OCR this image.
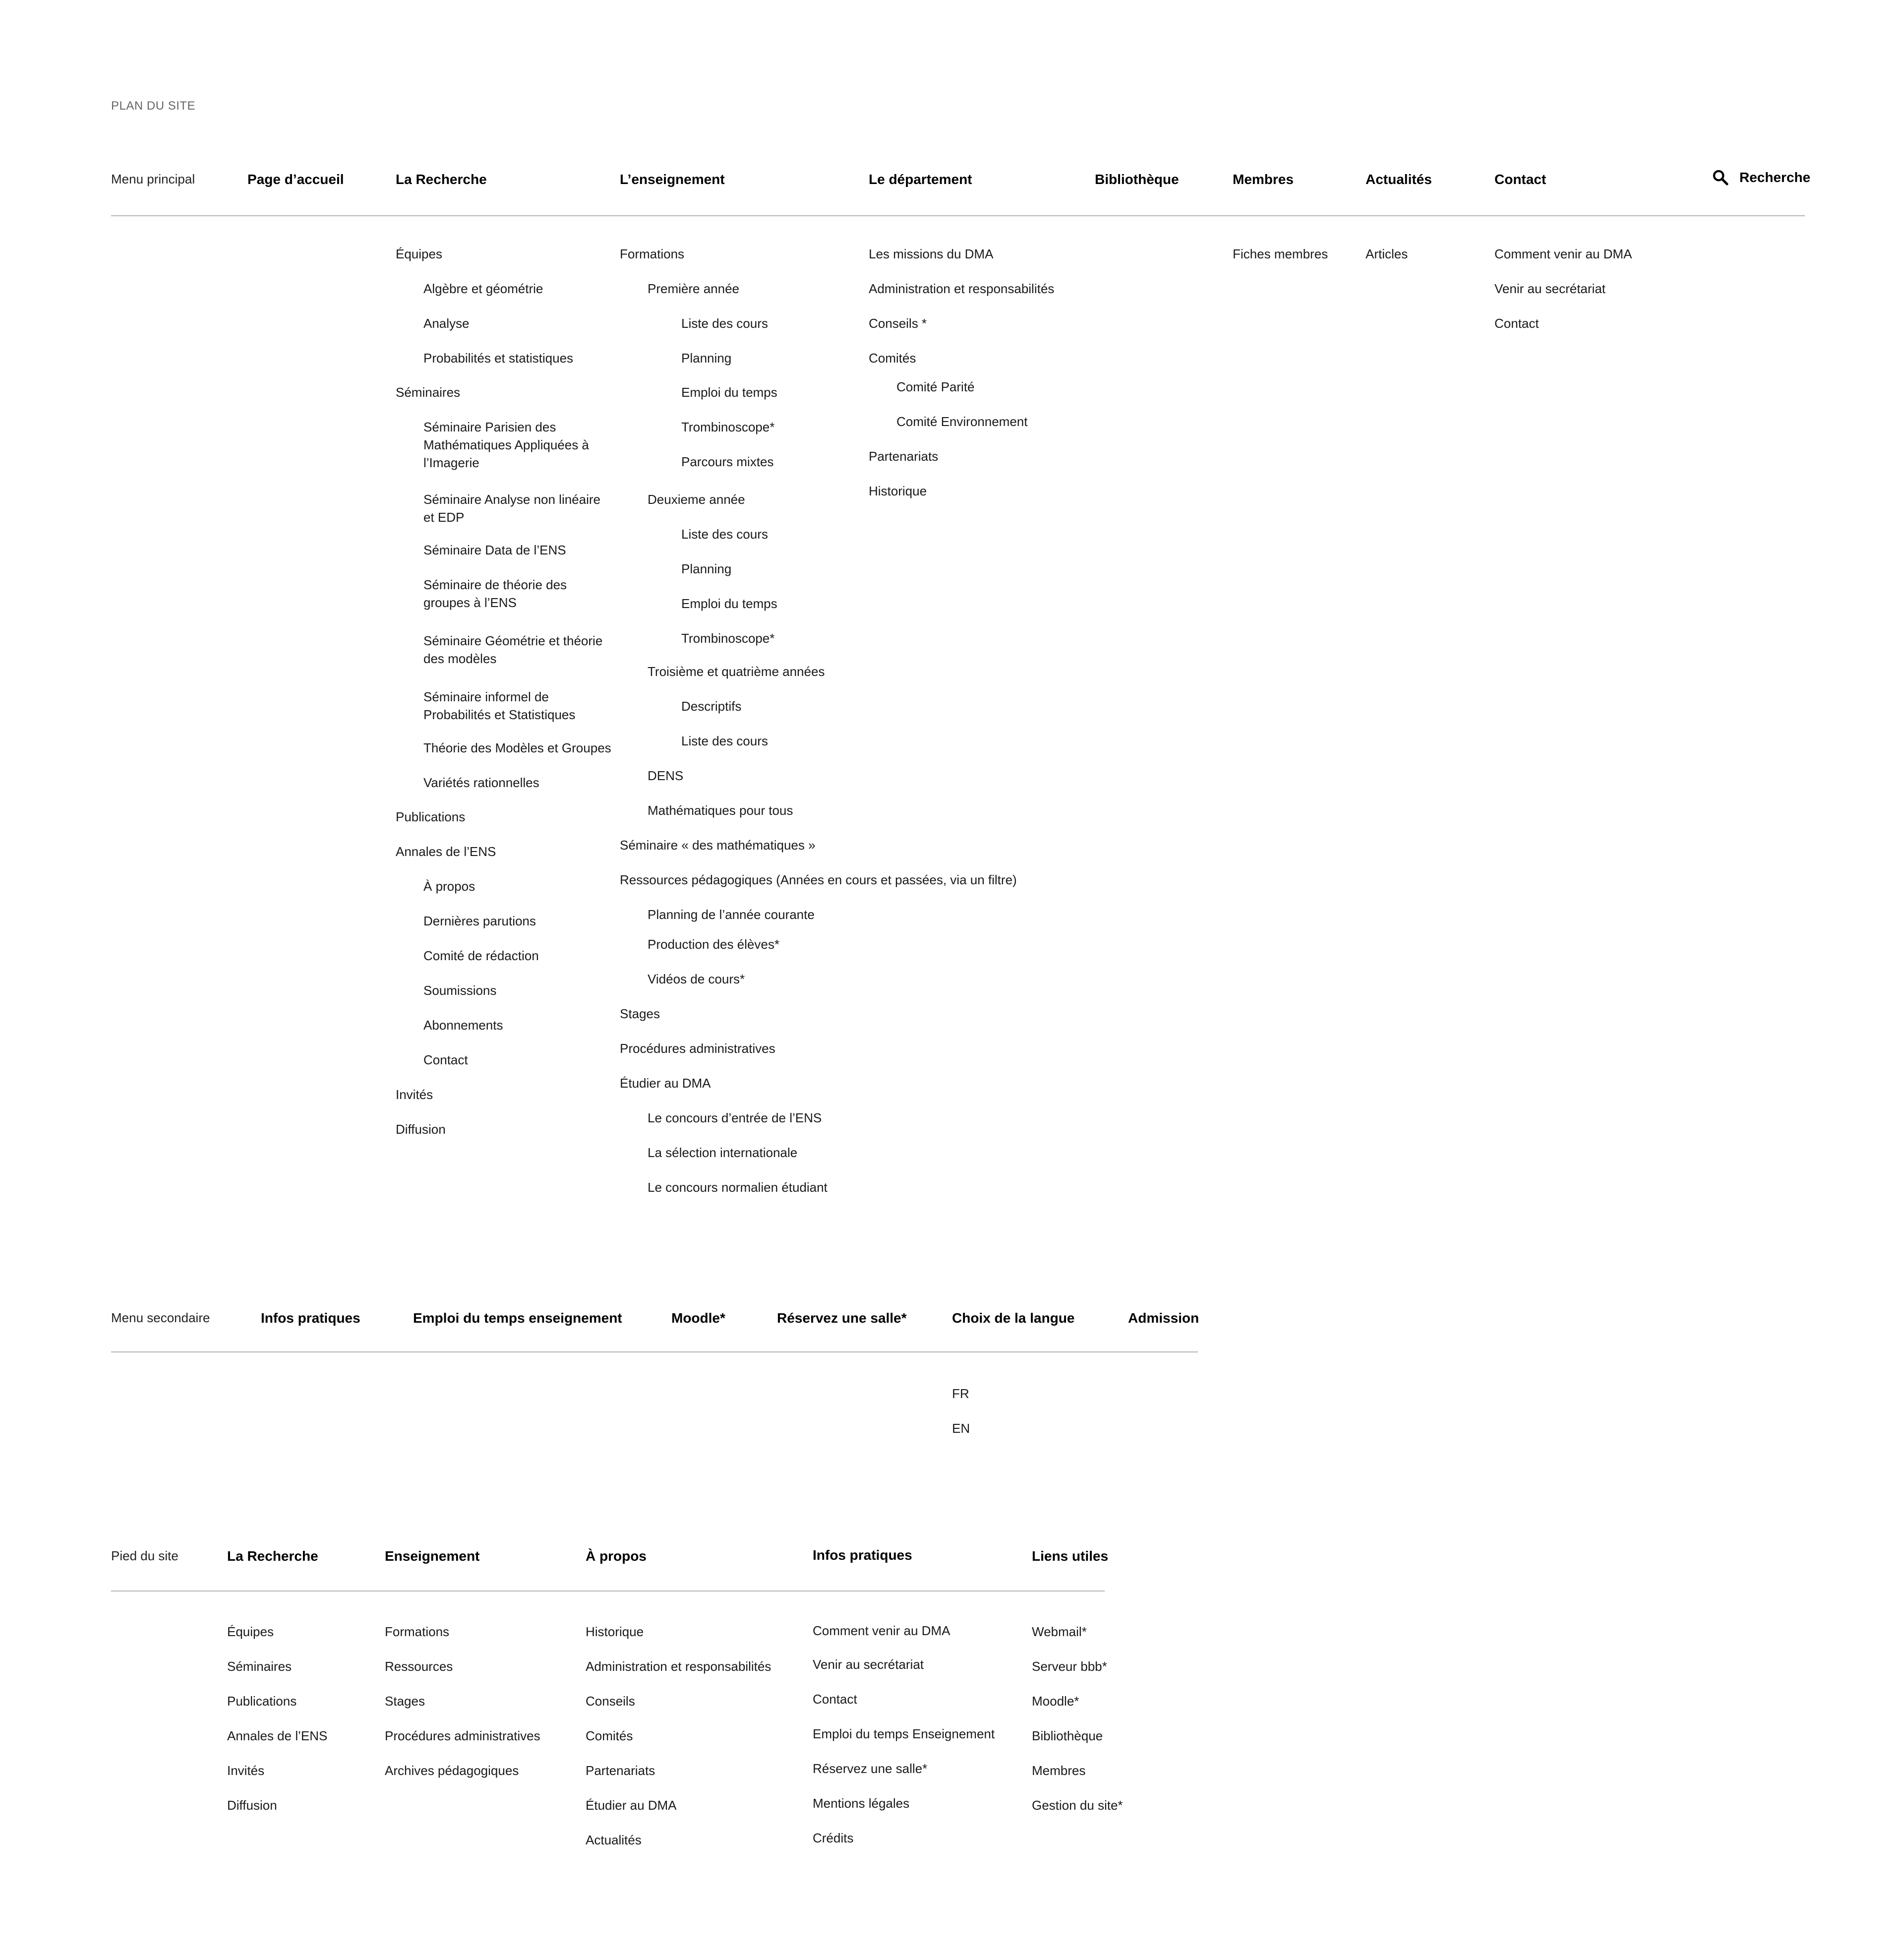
PLAN DU SITE
Menu principal	Recherche
Page d’accueil	La Recherche
Équipes
Algèbre et géométrie
Analyse
Probabilités et statistiques
Séminaires
Séminaire Parisien des Mathématiques Appliquées à l’Imagerie
Séminaire Analyse non linéaire et EDP
Séminaire Data de l’ENS
Séminaire de théorie des groupes à l’ENS
Séminaire Géométrie et théorie des modèles
Séminaire informel de Probabilités et Statistiques
Théorie des Modèles et Groupes
Variétés rationnelles
Publications
Annales de l’ENS
À propos
Dernières parutions
Comité de rédaction
Soumissions
Abonnements
Contact
Invités
Diffusion
L’enseignement
Formations
Première année
Liste des cours
Planning
Emploi du temps
Trombinoscope*
Parcours mixtes
Deuxieme année
Liste des cours
Planning
Emploi du temps
Trombinoscope*
Troisième et quatrième années
Descriptifs
Liste des cours
DENS
Mathématiques pour tous
Séminaire « des mathématiques »
Ressources pédagogiques (Années en cours et passées, via un filtre)
Planning de l’année courante
Production des élèves*
Vidéos de cours*
Stages
Procédures administratives
Étudier au DMA
Le concours d’entrée de l’ENS
La sélection internationale
Le concours normalien étudiant
Le département
Les missions du DMA
Administration et responsabilités
Conseils *
Comités
Comité Parité
Comité Environnement
Partenariats
Historique
Bibliothèque	Membres
Fiches membres
Actualités
Articles
Contact
Comment venir au DMA
Venir au secrétariat
Contact
Menu secondaire	Infos pratiques	Emploi du temps enseignement	Moodle*	Réservez une salle*	Choix de la langue
FR
EN
Admission
Pied du site	La Recherche
Équipes
Séminaires
Publications
Annales de l’ENS
Invités
Diffusion
Enseignement
Formations
Ressources
Stages
Procédures administratives
Archives pédagogiques
À propos
Historique
Administration et responsabilités
Conseils
Comités
Partenariats
Étudier au DMA
Actualités
Infos pratiques
Comment venir au DMA
Venir au secrétariat
Contact
Emploi du temps Enseignement
Réservez une salle*
Mentions légales
Crédits
Liens utiles
Webmail*
Serveur bbb*
Moodle*
Bibliothèque
Membres
Gestion du site*
